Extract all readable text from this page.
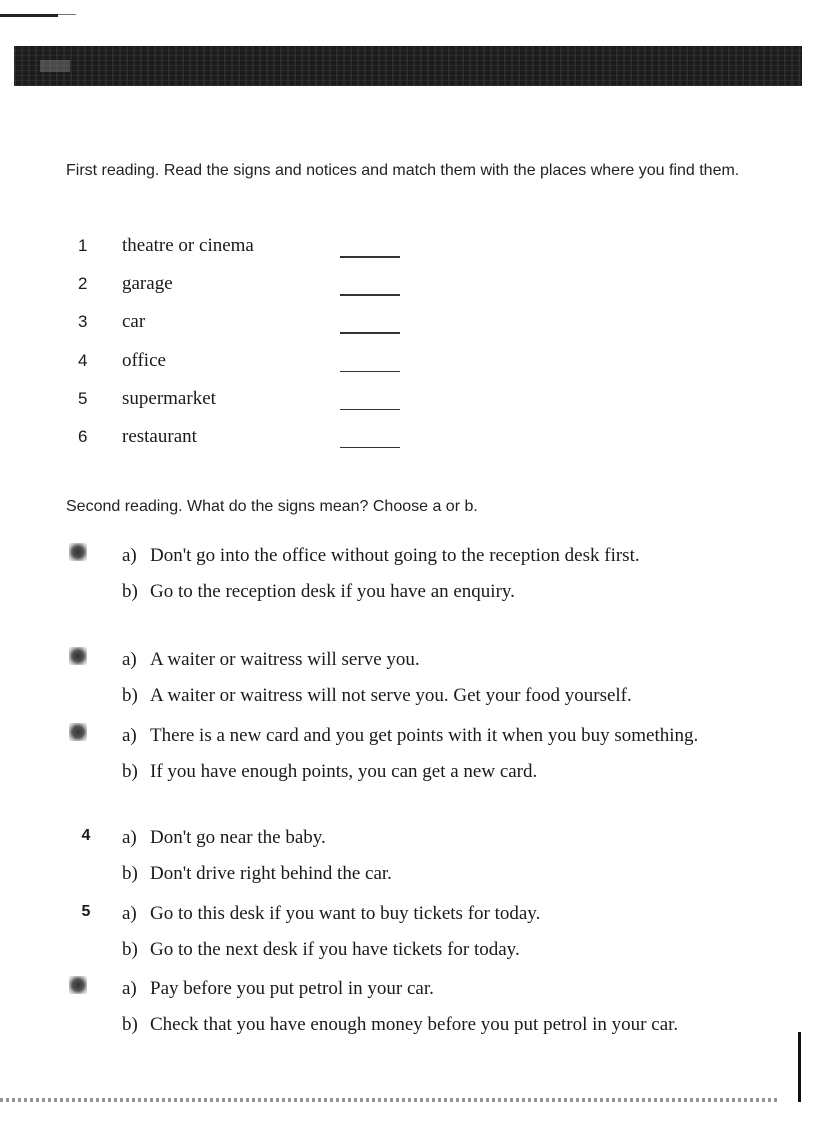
First reading. Read the signs and notices and match them with the places where you find them.

1	theatre or cinema
2	garage
3	car
4	office
5	supermarket
6	restaurant

Second reading. What do the signs mean? Choose a or b.

a) Don't go into the office without going to the reception desk first.
b) Go to the reception desk if you have an enquiry.
a) A waiter or waitress will serve you.
b) A waiter or waitress will not serve you. Get your food yourself.
a) There is a new card and you get points with it when you buy something.
b) If you have enough points, you can get a new card.
4	a) Don't go near the baby.
b) Don't drive right behind the car.
5	a) Go to this desk if you want to buy tickets for today.
b) Go to the next desk if you have tickets for today.
a) Pay before you put petrol in your car.
b) Check that you have enough money before you put petrol in your car.
